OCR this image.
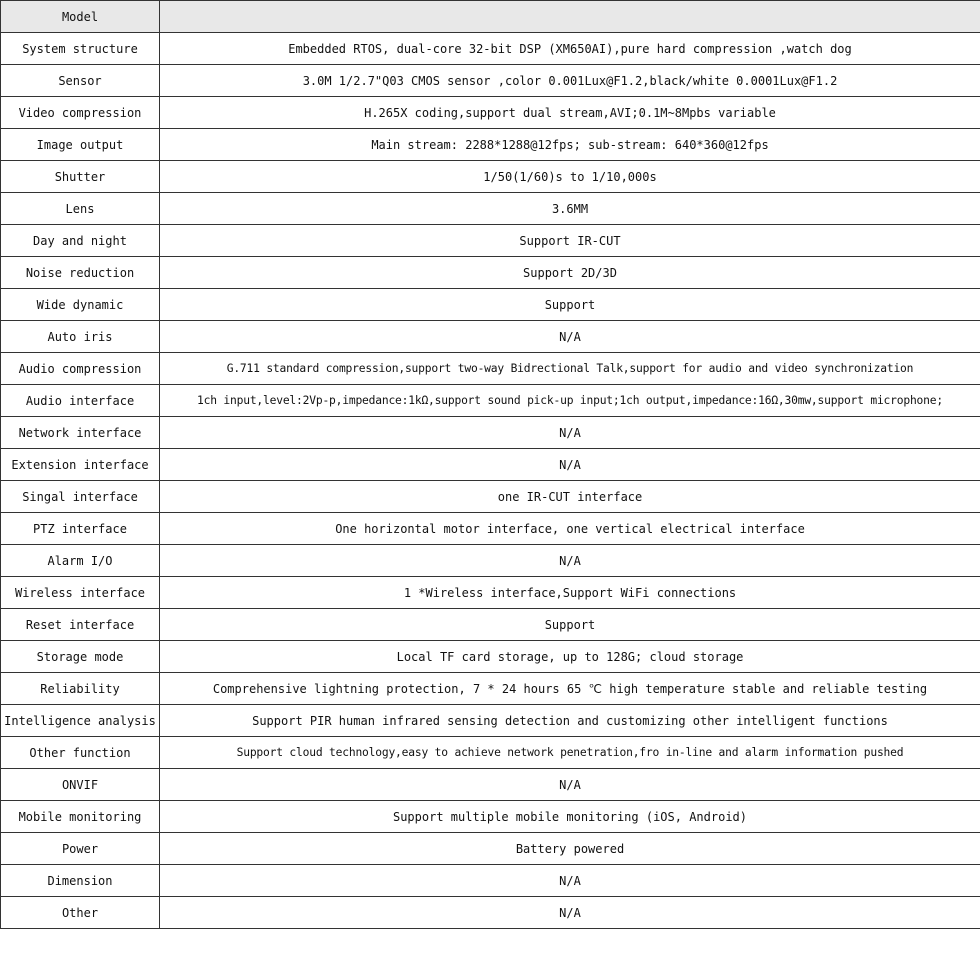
Model	
System structure	Embedded RTOS, dual-core 32-bit DSP (XM650AI),pure hard compression ,watch dog
Sensor	3.0M 1/2.7"Q03 CMOS sensor ,color 0.001Lux@F1.2,black/white 0.0001Lux@F1.2
Video compression	H.265X coding,support dual stream,AVI;0.1M~8Mpbs variable
Image output	Main stream: 2288*1288@12fps; sub-stream: 640*360@12fps
Shutter	1/50(1/60)s to 1/10,000s
Lens	3.6MM
Day and night	Support IR-CUT
Noise reduction	Support 2D/3D
Wide dynamic	Support
Auto iris	N/A
Audio compression	G.711 standard compression,support two-way Bidrectional Talk,support for audio and video synchronization
Audio interface	1ch input,level:2Vp-p,impedance:1kΩ,support sound pick-up input;1ch output,impedance:16Ω,30mw,support microphone;
Network interface	N/A
Extension interface	N/A
Singal interface	one IR-CUT interface
PTZ interface	One horizontal motor interface, one vertical electrical interface
Alarm I/O	N/A
Wireless interface	1 *Wireless interface,Support WiFi connections
Reset interface	Support
Storage mode	Local TF card storage, up to 128G; cloud storage
Reliability	Comprehensive lightning protection, 7 * 24 hours 65 ℃ high temperature stable and reliable testing
Intelligence analysis	Support PIR human infrared sensing detection and customizing other intelligent functions
Other function	Support cloud technology,easy to achieve network penetration,fro in-line and alarm information pushed
ONVIF	N/A
Mobile monitoring	Support multiple mobile monitoring (iOS, Android)
Power	Battery powered
Dimension	N/A
Other	N/A
